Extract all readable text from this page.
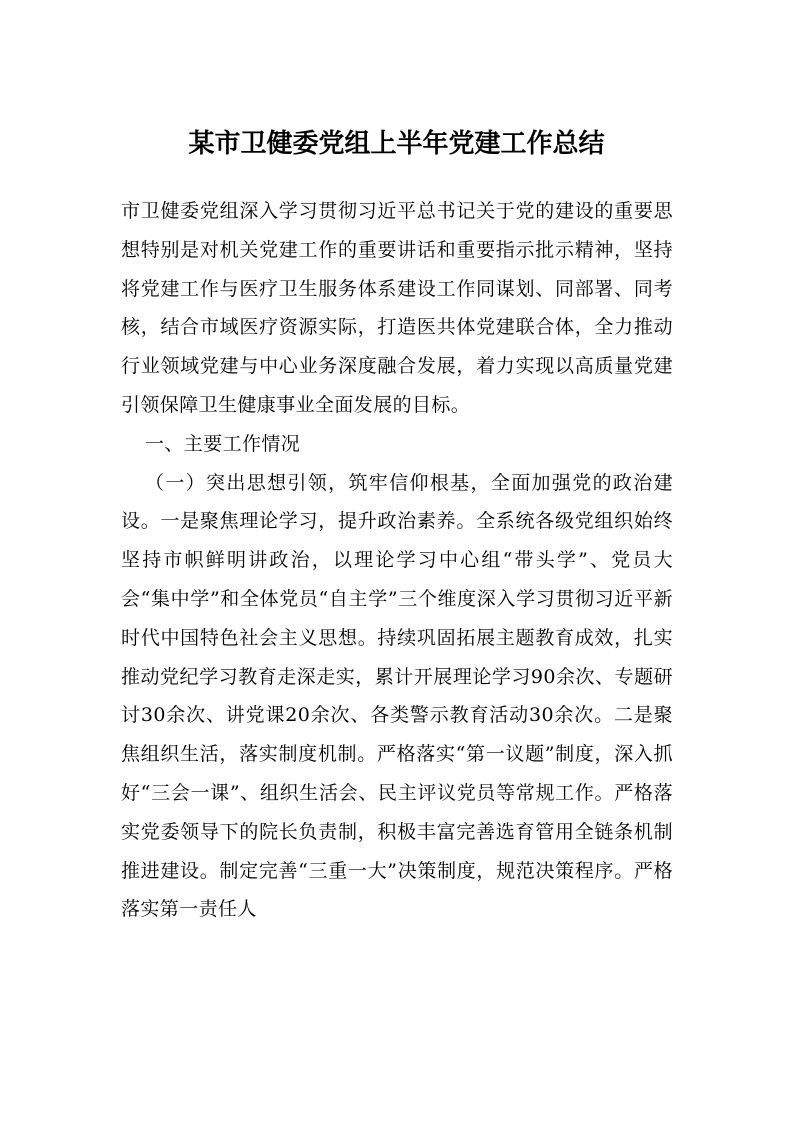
某市卫健委党组上半年党建工作总结

市卫健委党组深入学习贯彻习近平总书记关于党的建设的重要思想特别是对机关党建工作的重要讲话和重要指示批示精神，坚持将党建工作与医疗卫生服务体系建设工作同谋划、同部署、同考核，结合市域医疗资源实际，打造医共体党建联合体，全力推动行业领域党建与中心业务深度融合发展，着力实现以高质量党建引领保障卫生健康事业全面发展的目标。

一、主要工作情况

（一）突出思想引领，筑牢信仰根基，全面加强党的政治建设。一是聚焦理论学习，提升政治素养。全系统各级党组织始终坚持市帜鲜明讲政治，以理论学习中心组“带头学”、党员大会“集中学”和全体党员“自主学”三个维度深入学习贯彻习近平新时代中国特色社会主义思想。持续巩固拓展主题教育成效，扎实推动党纪学习教育走深走实，累计开展理论学习90余次、专题研讨30余次、讲党课20余次、各类警示教育活动30余次。二是聚焦组织生活，落实制度机制。严格落实“第一议题”制度，深入抓好“三会一课”、组织生活会、民主评议党员等常规工作。严格落实党委领导下的院长负责制，积极丰富完善选育管用全链条机制推进建设。制定完善“三重一大”决策制度，规范决策程序。严格落实第一责任人
